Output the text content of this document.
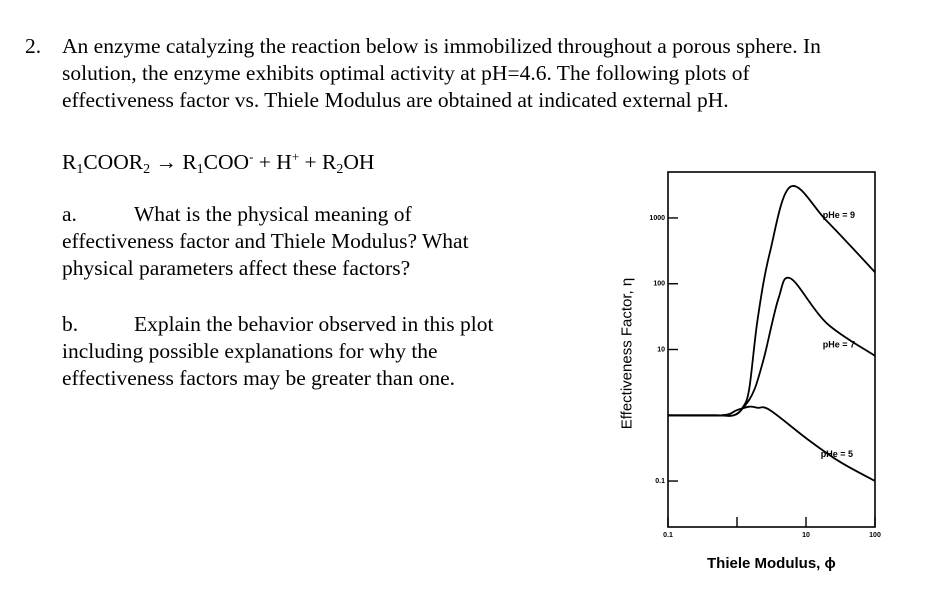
2. An enzyme catalyzing the reaction below is immobilized throughout a porous sphere. In
solution, the enzyme exhibits optimal activity at pH=4.6. The following plots of
effectiveness factor vs. Thiele Modulus are obtained at indicated external pH.
$R_1COOR_2 \to R_1COO^- + H^+ + R_2OH$
a.	What is the physical meaning of
effectiveness factor and Thiele Modulus? What
physical parameters affect these factors?
b.	Explain the behavior observed in this plot
including possible explanations for why the
effectiveness factors may be greater than one.
0.1
10
100
1000
0.1	10	100
pHe = 9
pHe = 7
pHe = 5
Effectiveness Factor, η
Thiele Modulus, ϕ
